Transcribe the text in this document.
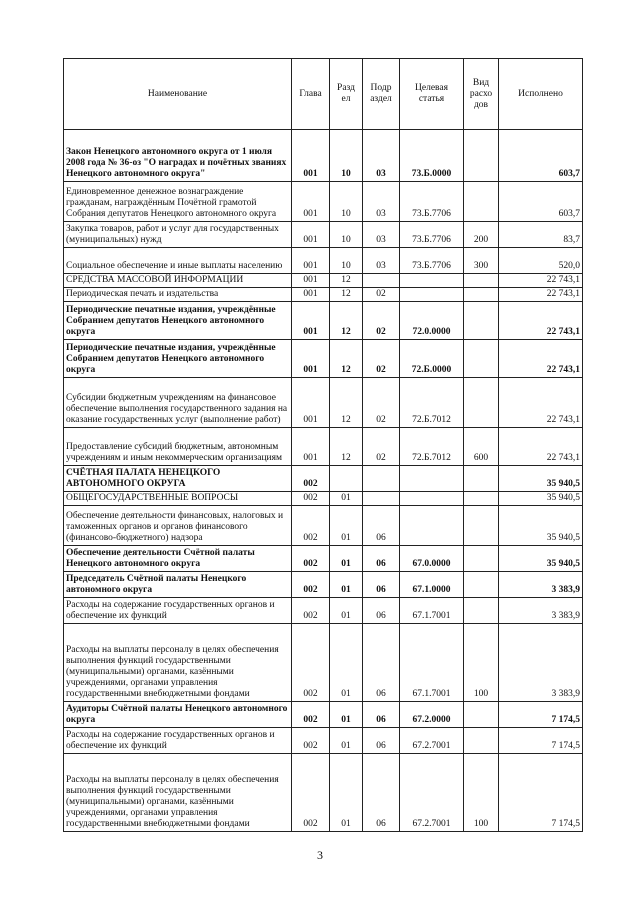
Наименование	Глава	Разд ел	Подр аздел	Целевая статья	Вид расхо дов	Исполнено
Закон Ненецкого автономного округа от 1 июля 2008 года № 36-оз "О наградах и почётных званиях Ненецкого автономного округа"	001	10	03	73.Б.0000		603,7
Единовременное денежное вознаграждение гражданам, награждённым Почётной грамотой Собрания депутатов Ненецкого автономного округа	001	10	03	73.Б.7706		603,7
Закупка товаров, работ и услуг для государственных (муниципальных) нужд	001	10	03	73.Б.7706	200	83,7
Социальное обеспечение и иные выплаты населению	001	10	03	73.Б.7706	300	520,0
СРЕДСТВА МАССОВОЙ ИНФОРМАЦИИ	001	12				22 743,1
Периодическая печать и издательства	001	12	02			22 743,1
Периодические печатные издания, учреждённые Собранием депутатов Ненецкого автономного округа	001	12	02	72.0.0000		22 743,1
Периодические печатные издания, учреждённые Собранием депутатов Ненецкого автономного округа	001	12	02	72.Б.0000		22 743,1
Субсидии бюджетным учреждениям на финансовое обеспечение выполнения государственного задания на оказание государственных услуг (выполнение работ)	001	12	02	72.Б.7012		22 743,1
Предоставление субсидий бюджетным, автономным учреждениям и иным некоммерческим организациям	001	12	02	72.Б.7012	600	22 743,1
СЧЁТНАЯ ПАЛАТА НЕНЕЦКОГО АВТОНОМНОГО ОКРУГА	002					35 940,5
ОБЩЕГОСУДАРСТВЕННЫЕ ВОПРОСЫ	002	01				35 940,5
Обеспечение деятельности финансовых, налоговых и таможенных органов и органов финансового (финансово-бюджетного) надзора	002	01	06			35 940,5
Обеспечение деятельности Счётной палаты Ненецкого автономного округа	002	01	06	67.0.0000		35 940,5
Председатель Счётной палаты Ненецкого автономного округа	002	01	06	67.1.0000		3 383,9
Расходы на содержание государственных органов и обеспечение их функций	002	01	06	67.1.7001		3 383,9
Расходы на выплаты персоналу в целях обеспечения выполнения функций государственными (муниципальными) органами, казёнными учреждениями, органами управления государственными внебюджетными фондами	002	01	06	67.1.7001	100	3 383,9
Аудиторы Счётной палаты Ненецкого автономного округа	002	01	06	67.2.0000		7 174,5
Расходы на содержание государственных органов и обеспечение их функций	002	01	06	67.2.7001		7 174,5
Расходы на выплаты персоналу в целях обеспечения выполнения функций государственными (муниципальными) органами, казёнными учреждениями, органами управления государственными внебюджетными фондами	002	01	06	67.2.7001	100	7 174,5
3
